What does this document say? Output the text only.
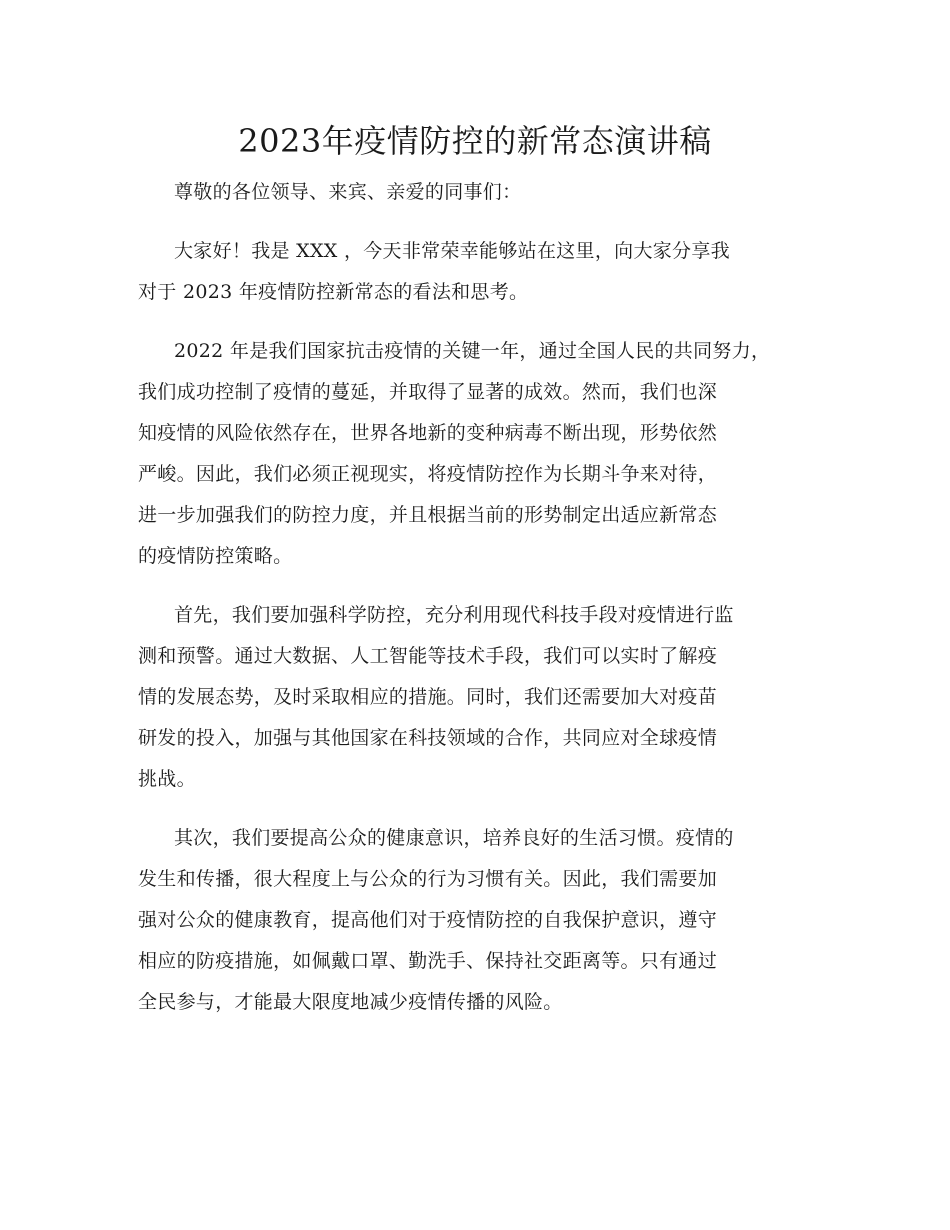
2023年疫情防控的新常态演讲稿

尊敬的各位领导、来宾、亲爱的同事们：

大家好！我是 XXX ，今天非常荣幸能够站在这里，向大家分享我
对于 2023 年疫情防控新常态的看法和思考。

2022 年是我们国家抗击疫情的关键一年，通过全国人民的共同努力，
我们成功控制了疫情的蔓延，并取得了显著的成效。然而，我们也深
知疫情的风险依然存在，世界各地新的变种病毒不断出现，形势依然
严峻。因此，我们必须正视现实，将疫情防控作为长期斗争来对待，
进一步加强我们的防控力度，并且根据当前的形势制定出适应新常态
的疫情防控策略。

首先，我们要加强科学防控，充分利用现代科技手段对疫情进行监
测和预警。通过大数据、人工智能等技术手段，我们可以实时了解疫
情的发展态势，及时采取相应的措施。同时，我们还需要加大对疫苗
研发的投入，加强与其他国家在科技领域的合作，共同应对全球疫情
挑战。

其次，我们要提高公众的健康意识，培养良好的生活习惯。疫情的
发生和传播，很大程度上与公众的行为习惯有关。因此，我们需要加
强对公众的健康教育，提高他们对于疫情防控的自我保护意识，遵守
相应的防疫措施，如佩戴口罩、勤洗手、保持社交距离等。只有通过
全民参与，才能最大限度地减少疫情传播的风险。
